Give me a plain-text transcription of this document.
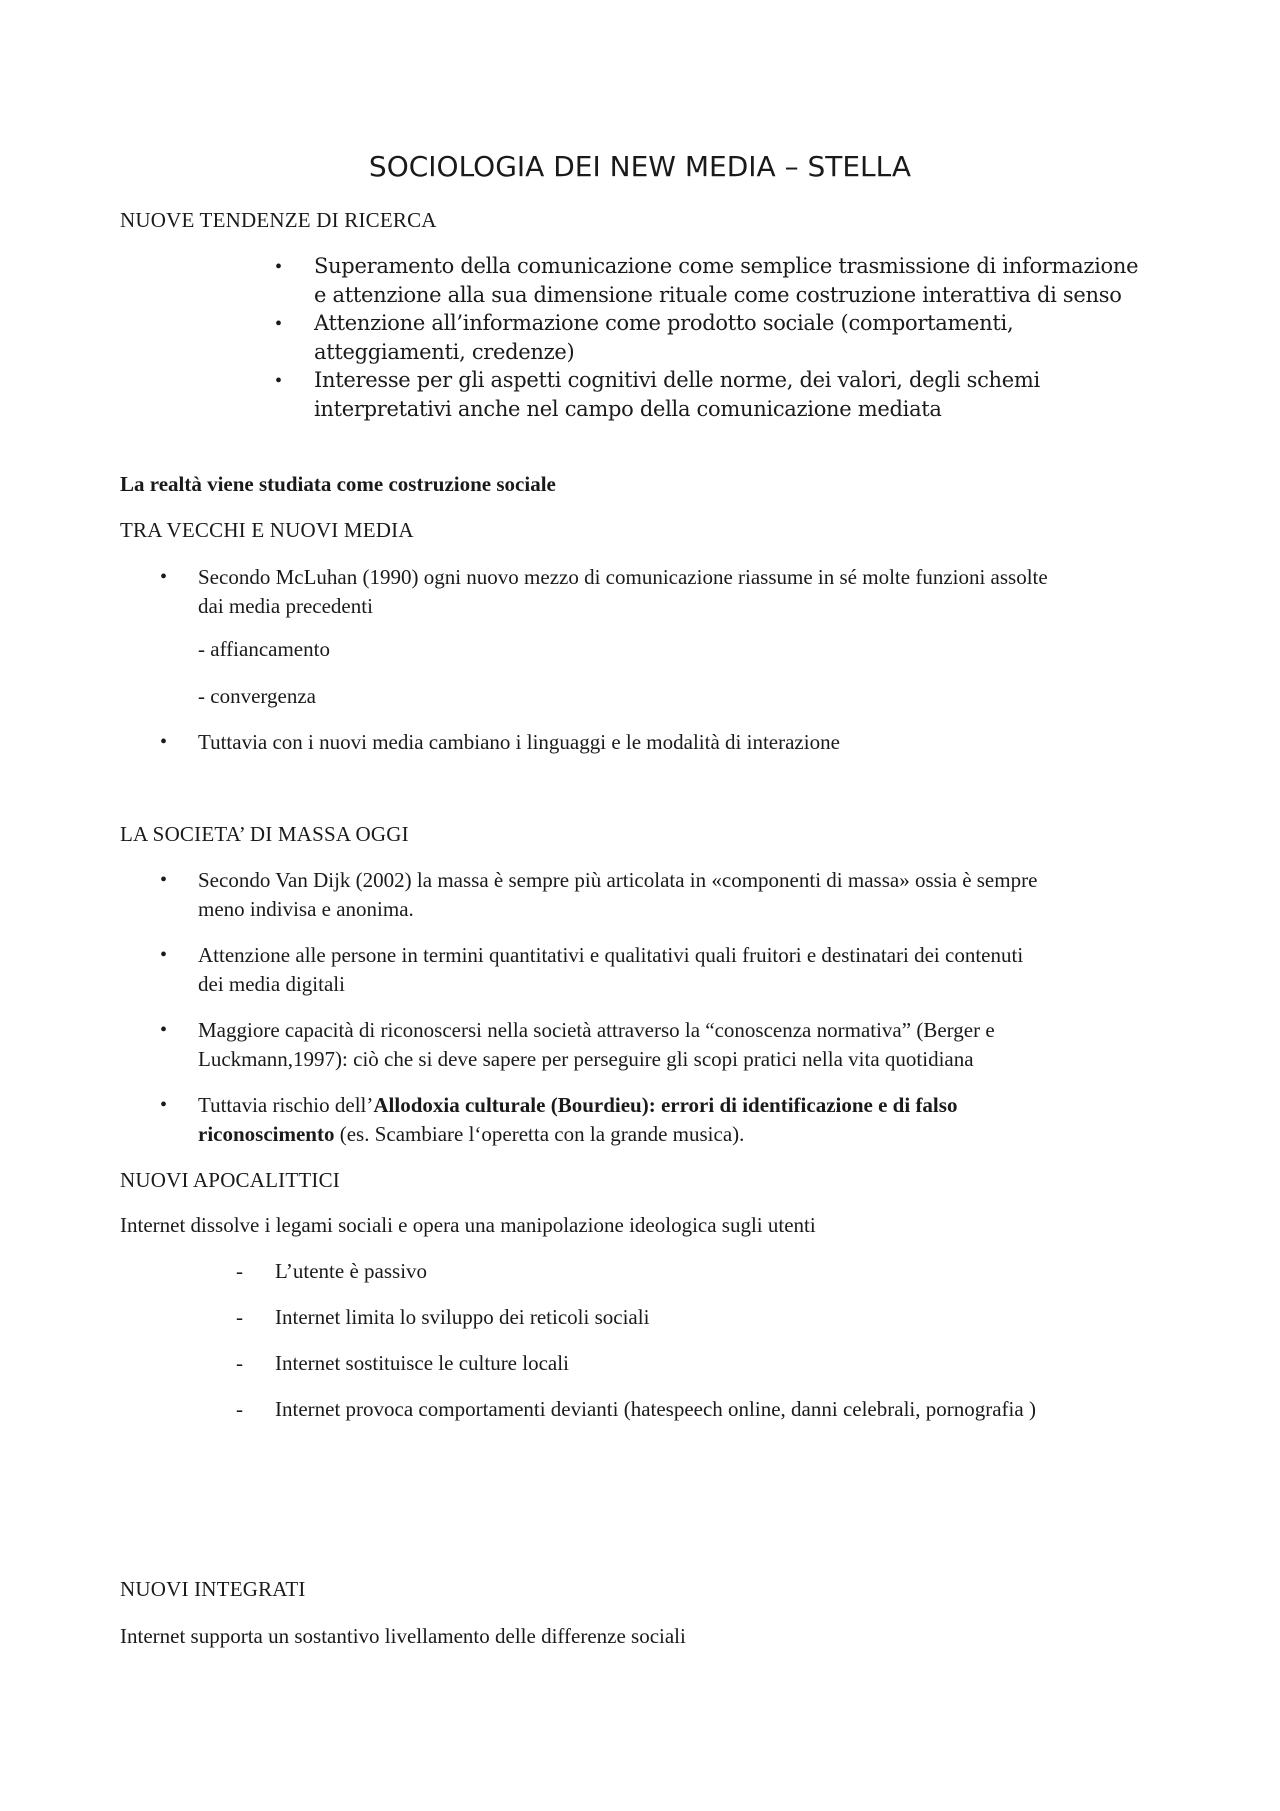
SOCIOLOGIA DEI NEW MEDIA – STELLA
NUOVE TENDENZE DI RICERCA
• Superamento della comunicazione come semplice trasmissione di informazione
e attenzione alla sua dimensione rituale come costruzione interattiva di senso
• Attenzione all’informazione come prodotto sociale (comportamenti,
atteggiamenti, credenze)
• Interesse per gli aspetti cognitivi delle norme, dei valori, degli schemi
interpretativi anche nel campo della comunicazione mediata
La realtà viene studiata come costruzione sociale
TRA VECCHI E NUOVI MEDIA
• Secondo McLuhan (1990) ogni nuovo mezzo di comunicazione riassume in sé molte funzioni assolte
dai media precedenti
- affiancamento
- convergenza
• Tuttavia con i nuovi media cambiano i linguaggi e le modalità di interazione
LA SOCIETA’ DI MASSA OGGI
• Secondo Van Dijk (2002) la massa è sempre più articolata in «componenti di massa» ossia è sempre
meno indivisa e anonima.
• Attenzione alle persone in termini quantitativi e qualitativi quali fruitori e destinatari dei contenuti
dei media digitali
• Maggiore capacità di riconoscersi nella società attraverso la “conoscenza normativa” (Berger e
Luckmann,1997): ciò che si deve sapere per perseguire gli scopi pratici nella vita quotidiana
• Tuttavia rischio dell’Allodoxia culturale (Bourdieu): errori di identificazione e di falso
riconoscimento (es. Scambiare l‘operetta con la grande musica).
NUOVI APOCALITTICI
Internet dissolve i legami sociali e opera una manipolazione ideologica sugli utenti
- L’utente è passivo
- Internet limita lo sviluppo dei reticoli sociali
- Internet sostituisce le culture locali
- Internet provoca comportamenti devianti (hatespeech online, danni celebrali, pornografia )
NUOVI INTEGRATI
Internet supporta un sostantivo livellamento delle differenze sociali
